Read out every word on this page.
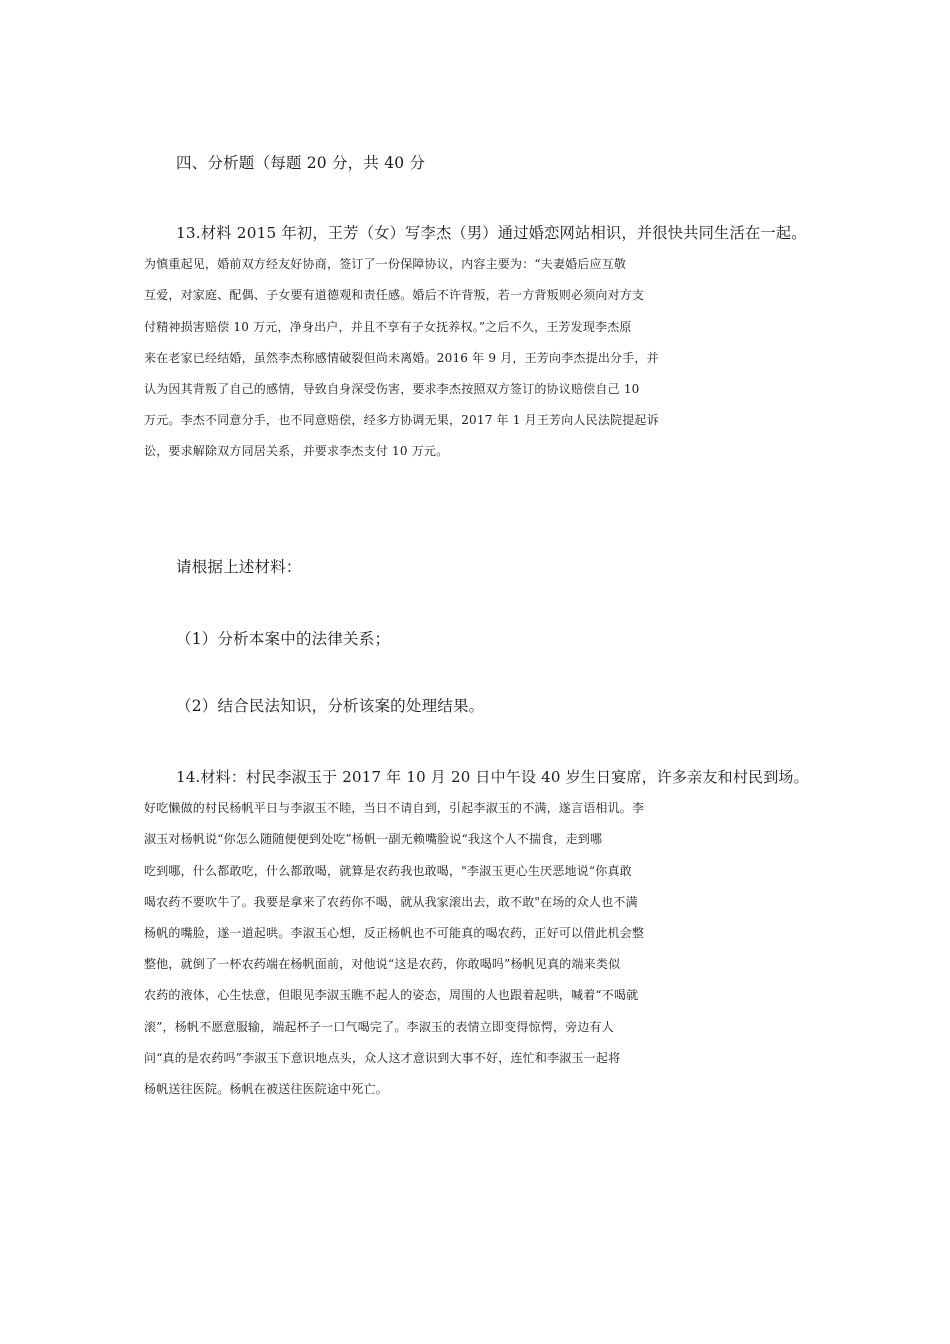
四、分析题（每题 20 分，共 40 分
13.材料 2015 年初，王芳（女）写李杰（男）通过婚恋网站相识，并很快共同生活在一起。
为慎重起见，婚前双方经友好协商，签订了一份保障协议，内容主要为：“夫妻婚后应互敬
互爱，对家庭、配偶、子女要有道德观和责任感。婚后不许背叛，若一方背叛则必须向对方支
付精神损害赔偿 10 万元，净身出户，并且不享有子女抚养权。”之后不久，王芳发现李杰原
来在老家已经结婚，虽然李杰称感情破裂但尚未离婚。2016 年 9 月，王芳向李杰提出分手，并
认为因其背叛了自己的感情，导致自身深受伤害，要求李杰按照双方签订的协议赔偿自己 10
万元。李杰不同意分手，也不同意赔偿，经多方协调无果，2017 年 1 月王芳向人民法院提起诉
讼，要求解除双方同居关系，并要求李杰支付 10 万元。
请根据上述材料：
（1）分析本案中的法律关系；
（2）结合民法知识，分析该案的处理结果。
14.材料：村民李淑玉于 2017 年 10 月 20 日中午设 40 岁生日宴席，许多亲友和村民到场。
好吃懒做的村民杨帆平日与李淑玉不睦，当日不请自到，引起李淑玉的不满，遂言语相讥。李
淑玉对杨帆说“你怎么随随便便到处吃”杨帆一副无赖嘴脸说“我这个人不揣食，走到哪
吃到哪，什么都敢吃，什么都敢喝，就算是农药我也敢喝，"李淑玉更心生厌恶地说“你真敢
喝农药不要吹牛了。我要是拿来了农药你不喝，就从我家滚出去，敢不敢"在场的众人也不满
杨帆的嘴脸，遂一道起哄。李淑玉心想，反正杨帆也不可能真的喝农药，正好可以借此机会整
整他，就倒了一杯农药端在杨帆面前，对他说“这是农药，你敢喝吗”杨帆见真的端来类似
农药的液体，心生怯意，但眼见李淑玉瞧不起人的姿态，周围的人也跟着起哄，喊着“不喝就
滚”，杨帆不愿意服输，端起杯子一口气喝完了。李淑玉的表情立即变得惊愕，旁边有人
问“真的是农药吗”李淑玉下意识地点头，众人这才意识到大事不好，连忙和李淑玉一起将
杨帆送往医院。杨帆在被送往医院途中死亡。
